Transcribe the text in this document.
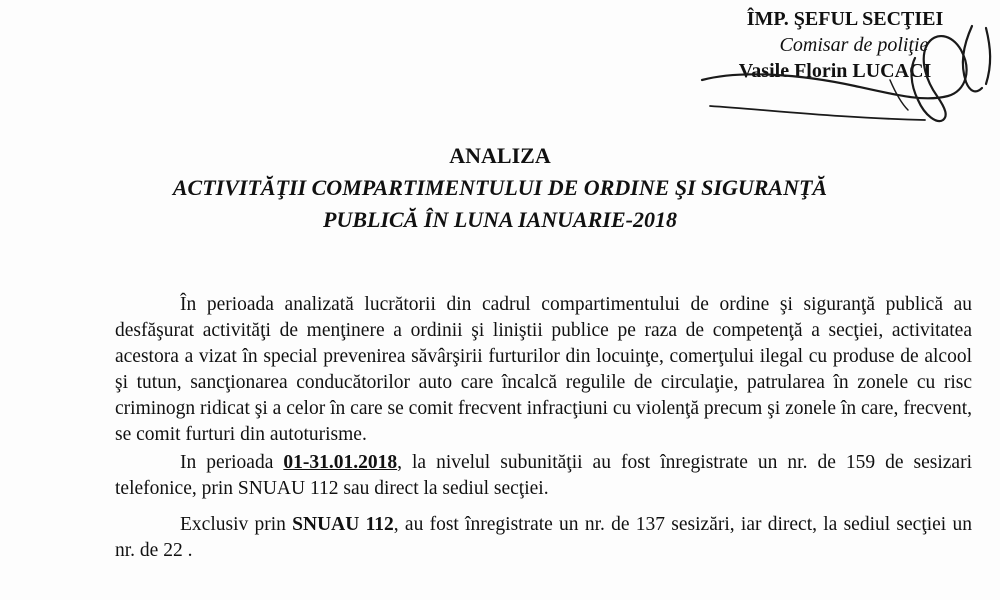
ÎMP. ŞEFUL SECŢIEI
Comisar de poliţie
Vasile Florin LUCACI
ANALIZA
ACTIVITĂŢII COMPARTIMENTULUI DE ORDINE ŞI SIGURANŢĂ
PUBLICĂ ÎN LUNA IANUARIE-2018

În perioada analizată lucrătorii din cadrul compartimentului de ordine şi siguranţă publică au desfăşurat activităţi de menţinere a ordinii şi liniştii publice pe raza de competenţă a secţiei, activitatea acestora a vizat în special prevenirea săvârşirii furturilor din locuinţe, comerţului ilegal cu produse de alcool şi tutun, sancţionarea conducătorilor auto care încalcă regulile de circulaţie, patrularea în zonele cu risc criminogn ridicat şi a celor în care se comit frecvent infracţiuni cu violenţă precum şi zonele în care, frecvent, se comit furturi din autoturisme.

In perioada 01-31.01.2018, la nivelul subunităţii au fost înregistrate un nr. de 159 de sesizari telefonice, prin SNUAU 112 sau direct la sediul secţiei.

Exclusiv prin SNUAU 112, au fost înregistrate un nr. de 137 sesizări, iar direct, la sediul secţiei un nr. de 22 .
